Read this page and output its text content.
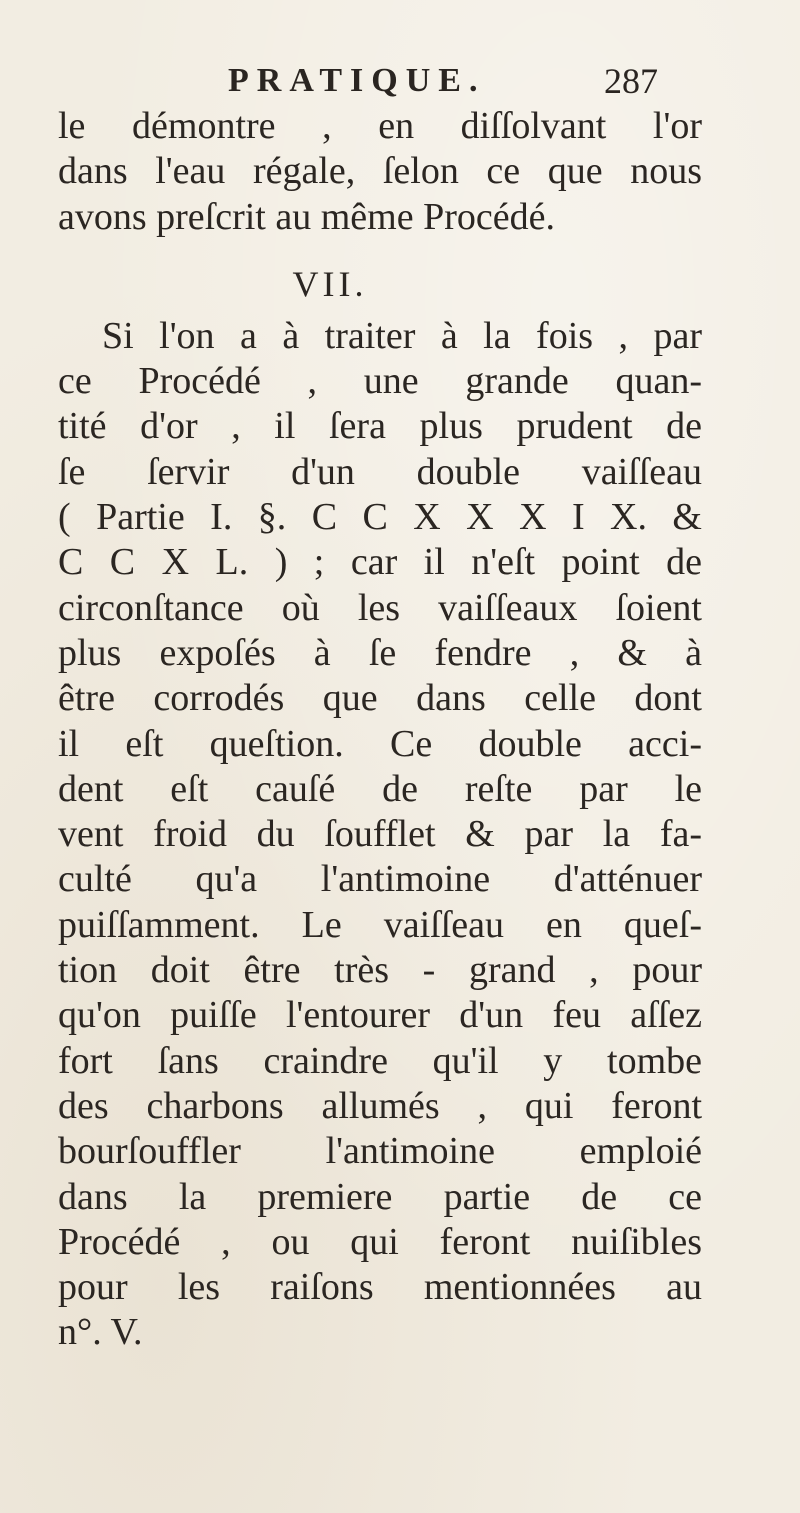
PRATIQUE.	287
le démontre , en diſſolvant l'or
dans l'eau régale, ſelon ce que nous
avons preſcrit au même Procédé.
VII.
Si l'on a à traiter à la fois , par
ce Procédé , une grande quan-
tité d'or , il ſera plus prudent de
ſe ſervir d'un double vaiſſeau
( Partie I. §. C C X X X I X. &
C C X L. ) ; car il n'eſt point de
circonſtance où les vaiſſeaux ſoient
plus expoſés à ſe fendre , & à
être corrodés que dans celle dont
il eſt queſtion. Ce double acci-
dent eſt cauſé de reſte par le
vent froid du ſoufflet & par la fa-
culté qu'a l'antimoine d'atténuer
puiſſamment. Le vaiſſeau en queſ-
tion doit être très - grand , pour
qu'on puiſſe l'entourer d'un feu aſſez
fort ſans craindre qu'il y tombe
des charbons allumés , qui feront
bourſouffler l'antimoine emploié
dans la premiere partie de ce
Procédé , ou qui feront nuiſibles
pour les raiſons mentionnées au
n°. V.
